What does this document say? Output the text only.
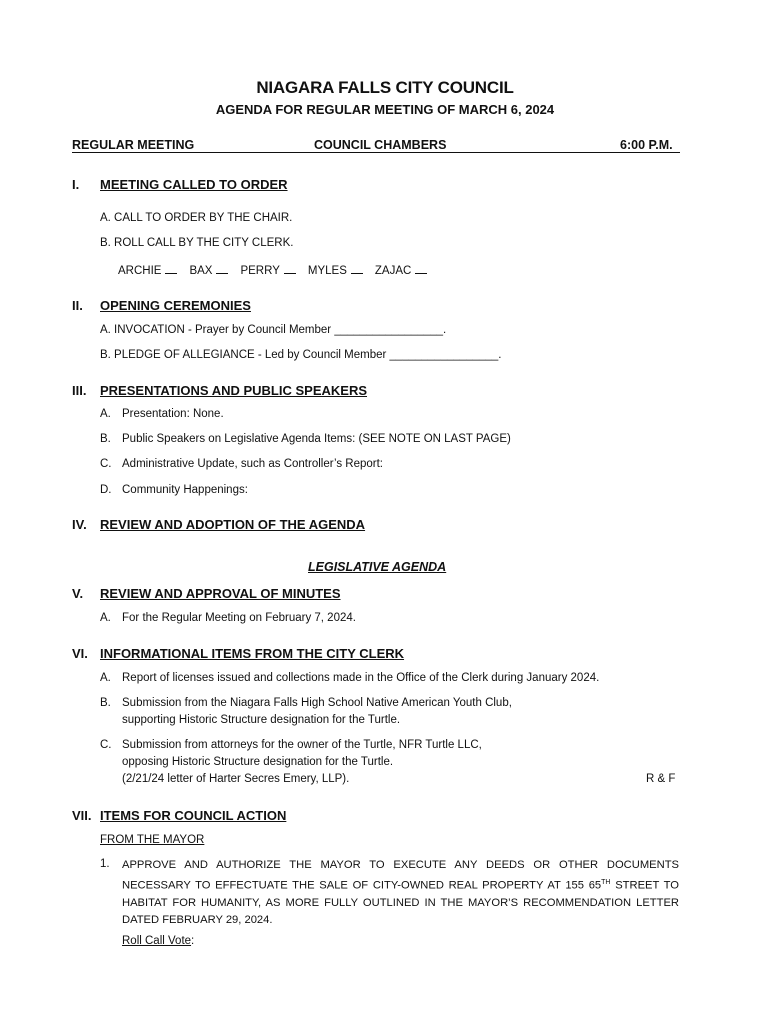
NIAGARA FALLS CITY COUNCIL
AGENDA FOR REGULAR MEETING OF MARCH 6, 2024
REGULAR MEETING	COUNCIL CHAMBERS	6:00 P.M.
I. MEETING CALLED TO ORDER
A. CALL TO ORDER BY THE CHAIR.
B. ROLL CALL BY THE CITY CLERK.
ARCHIE BAX PERRY MYLES ZAJAC
II. OPENING CEREMONIES
A. INVOCATION - Prayer by Council Member _________________.
B. PLEDGE OF ALLEGIANCE - Led by Council Member _________________.
III. PRESENTATIONS AND PUBLIC SPEAKERS
A. Presentation: None.
B. Public Speakers on Legislative Agenda Items: (SEE NOTE ON LAST PAGE)
C. Administrative Update, such as Controller’s Report:
D. Community Happenings:
IV. REVIEW AND ADOPTION OF THE AGENDA
LEGISLATIVE AGENDA
V. REVIEW AND APPROVAL OF MINUTES
A. For the Regular Meeting on February 7, 2024.
VI. INFORMATIONAL ITEMS FROM THE CITY CLERK
A. Report of licenses issued and collections made in the Office of the Clerk during January 2024.
B. Submission from the Niagara Falls High School Native American Youth Club,
supporting Historic Structure designation for the Turtle.
C. Submission from attorneys for the owner of the Turtle, NFR Turtle LLC,
opposing Historic Structure designation for the Turtle.
(2/21/24 letter of Harter Secres Emery, LLP).	R & F
VII. ITEMS FOR COUNCIL ACTION
FROM THE MAYOR
1. APPROVE AND AUTHORIZE THE MAYOR TO EXECUTE ANY DEEDS OR OTHER DOCUMENTS
NECESSARY TO EFFECTUATE THE SALE OF CITY-OWNED REAL PROPERTY AT 155 65TH STREET TO
HABITAT FOR HUMANITY, AS MORE FULLY OUTLINED IN THE MAYOR’S RECOMMENDATION LETTER
DATED FEBRUARY 29, 2024.
Roll Call Vote:
